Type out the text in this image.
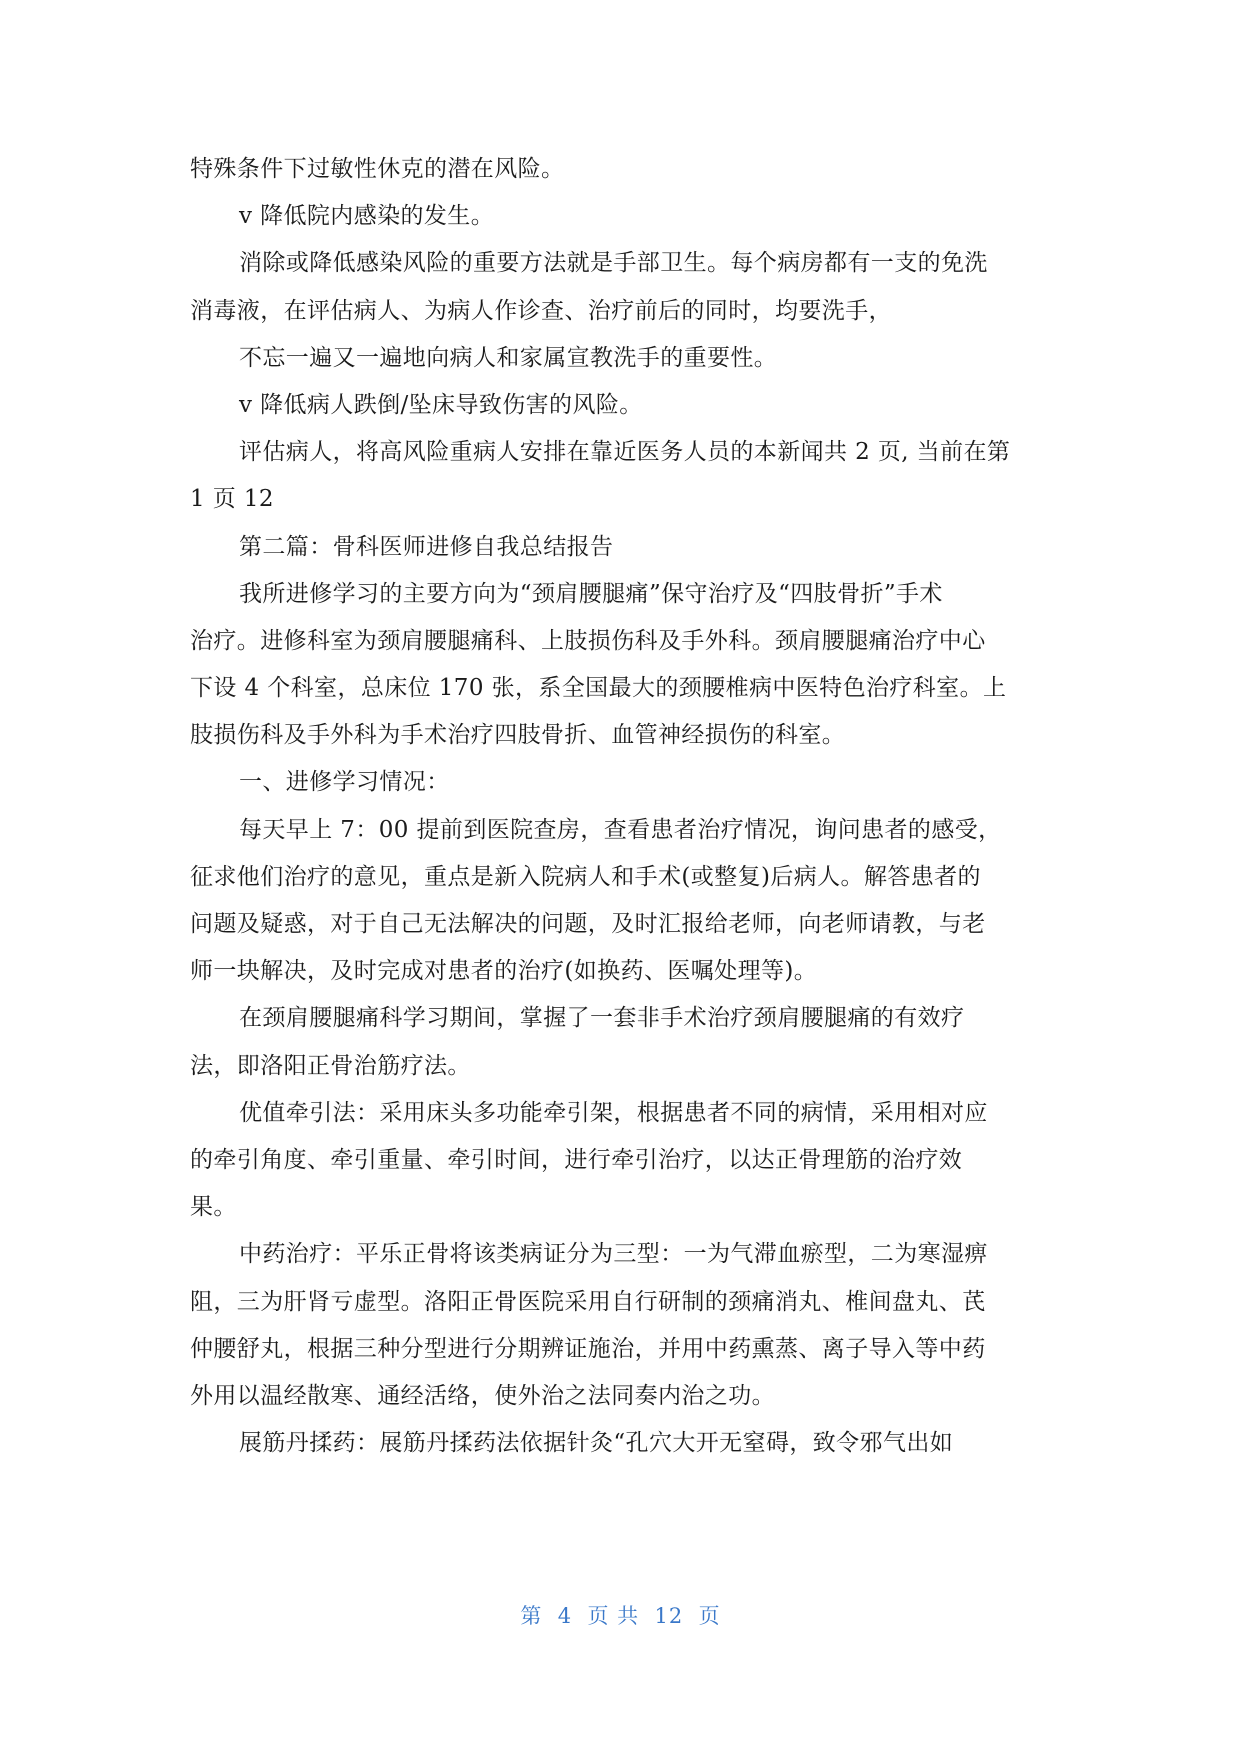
特殊条件下过敏性休克的潜在风险。
v 降低院内感染的发生。
消除或降低感染风险的重要方法就是手部卫生。每个病房都有一支的免洗
消毒液，在评估病人、为病人作诊查、治疗前后的同时，均要洗手，
不忘一遍又一遍地向病人和家属宣教洗手的重要性。
v 降低病人跌倒/坠床导致伤害的风险。
评估病人，将高风险重病人安排在靠近医务人员的本新闻共 2 页, 当前在第
1 页 12
第二篇：骨科医师进修自我总结报告
我所进修学习的主要方向为“颈肩腰腿痛”保守治疗及“四肢骨折”手术
治疗。进修科室为颈肩腰腿痛科、上肢损伤科及手外科。颈肩腰腿痛治疗中心
下设 4 个科室，总床位 170 张，系全国最大的颈腰椎病中医特色治疗科室。上
肢损伤科及手外科为手术治疗四肢骨折、血管神经损伤的科室。
一、进修学习情况：
每天早上 7：00 提前到医院查房，查看患者治疗情况，询问患者的感受，
征求他们治疗的意见，重点是新入院病人和手术(或整复)后病人。解答患者的
问题及疑惑，对于自己无法解决的问题，及时汇报给老师，向老师请教，与老
师一块解决，及时完成对患者的治疗(如换药、医嘱处理等)。
在颈肩腰腿痛科学习期间，掌握了一套非手术治疗颈肩腰腿痛的有效疗
法，即洛阳正骨治筋疗法。
优值牵引法：采用床头多功能牵引架，根据患者不同的病情，采用相对应
的牵引角度、牵引重量、牵引时间，进行牵引治疗，以达正骨理筋的治疗效
果。
中药治疗：平乐正骨将该类病证分为三型：一为气滞血瘀型，二为寒湿痹
阻，三为肝肾亏虚型。洛阳正骨医院采用自行研制的颈痛消丸、椎间盘丸、芪
仲腰舒丸，根据三种分型进行分期辨证施治，并用中药熏蒸、离子导入等中药
外用以温经散寒、通经活络，使外治之法同奏内治之功。
展筋丹揉药：展筋丹揉药法依据针灸“孔穴大开无窒碍，致令邪气出如
第  4  页 共  12  页
